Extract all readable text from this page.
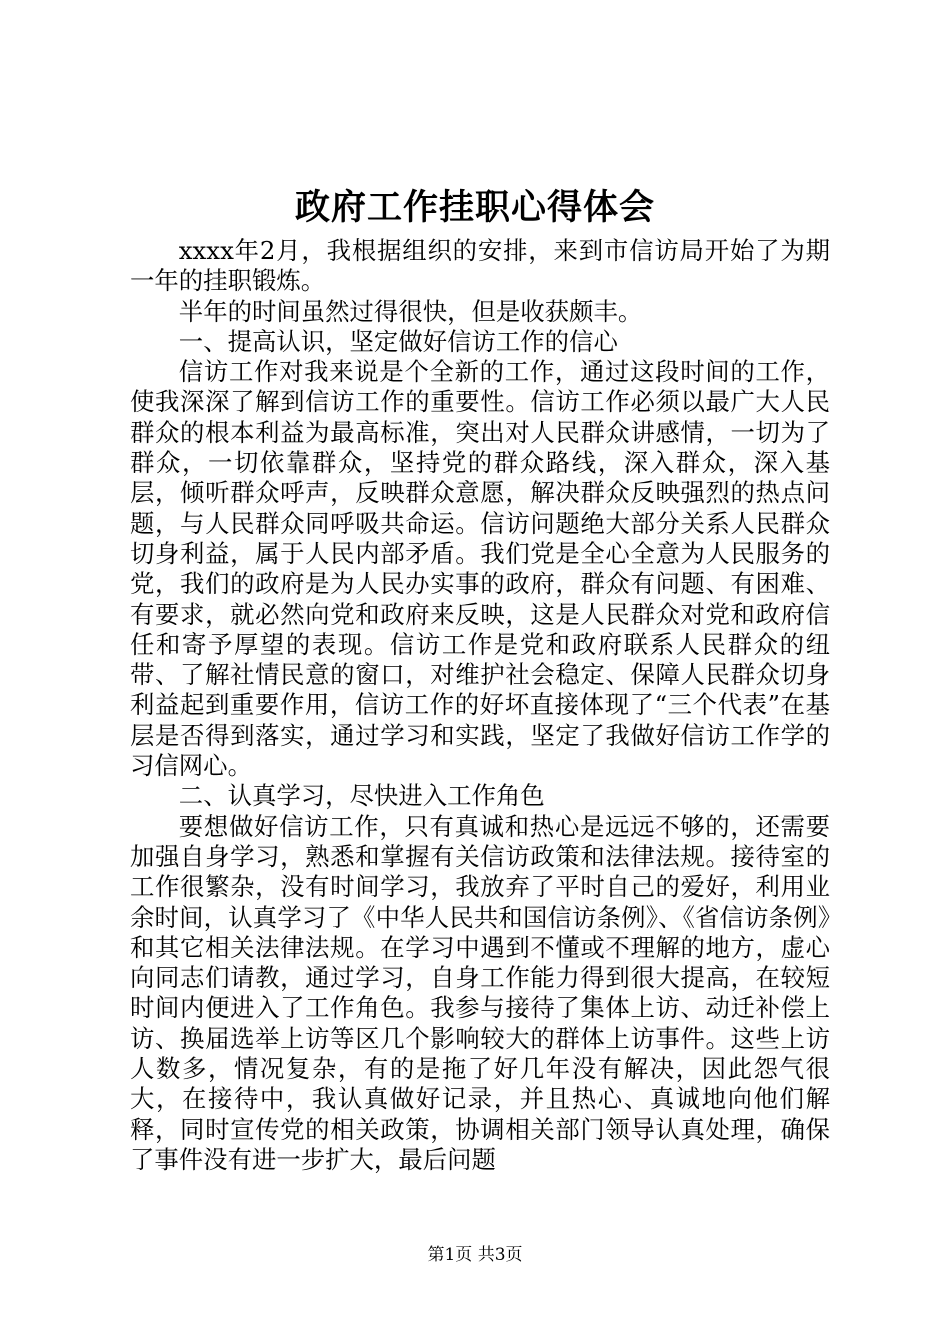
政府工作挂职心得体会

xxxx年2月，我根据组织的安排，来到市信访局开始了为期一年的挂职锻炼。

半年的时间虽然过得很快，但是收获颇丰。

一、提高认识，坚定做好信访工作的信心

信访工作对我来说是个全新的工作，通过这段时间的工作，使我深深了解到信访工作的重要性。信访工作必须以最广大人民群众的根本利益为最高标准，突出对人民群众讲感情，一切为了群众，一切依靠群众，坚持党的群众路线，深入群众，深入基层，倾听群众呼声，反映群众意愿，解决群众反映强烈的热点问题，与人民群众同呼吸共命运。信访问题绝大部分关系人民群众切身利益，属于人民内部矛盾。我们党是全心全意为人民服务的党，我们的政府是为人民办实事的政府，群众有问题、有困难、有要求，就必然向党和政府来反映，这是人民群众对党和政府信任和寄予厚望的表现。信访工作是党和政府联系人民群众的纽带、了解社情民意的窗口，对维护社会稳定、保障人民群众切身利益起到重要作用，信访工作的好坏直接体现了“三个代表”在基层是否得到落实，通过学习和实践，坚定了我做好信访工作学的习信网心。

二、认真学习，尽快进入工作角色

要想做好信访工作，只有真诚和热心是远远不够的，还需要加强自身学习，熟悉和掌握有关信访政策和法律法规。接待室的工作很繁杂，没有时间学习，我放弃了平时自己的爱好，利用业余时间，认真学习了《中华人民共和国信访条例》、《省信访条例》和其它相关法律法规。在学习中遇到不懂或不理解的地方，虚心向同志们请教，通过学习，自身工作能力得到很大提高，在较短时间内便进入了工作角色。我参与接待了集体上访、动迁补偿上访、换届选举上访等区几个影响较大的群体上访事件。这些上访人数多，情况复杂，有的是拖了好几年没有解决，因此怨气很大，在接待中，我认真做好记录，并且热心、真诚地向他们解释，同时宣传党的相关政策，协调相关部门领导认真处理，确保了事件没有进一步扩大，最后问题

第1页 共3页
